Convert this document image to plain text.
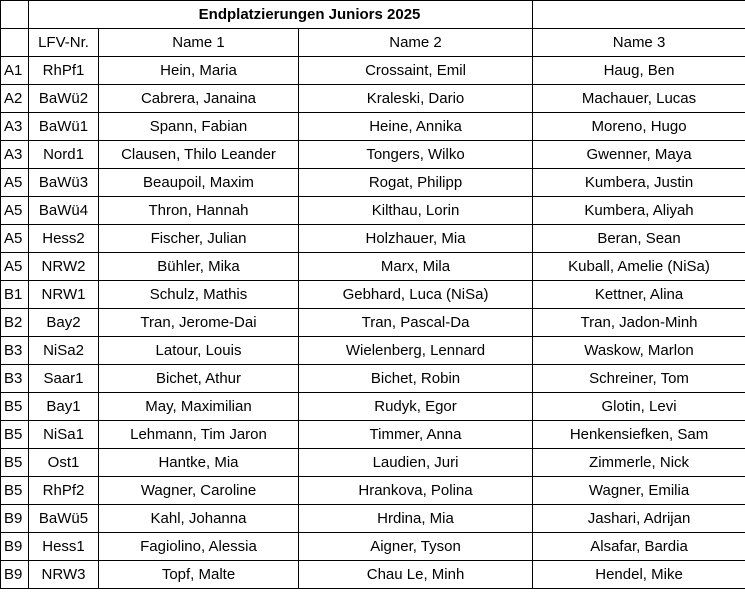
	Endplatzierungen Juniors 2025			
	LFV-Nr.	Name 1	Name 2	Name 3
A1	RhPf1	Hein, Maria	Crossaint, Emil	Haug, Ben
A2	BaWü2	Cabrera, Janaina	Kraleski, Dario	Machauer, Lucas
A3	BaWü1	Spann, Fabian	Heine, Annika	Moreno, Hugo
A3	Nord1	Clausen, Thilo Leander	Tongers, Wilko	Gwenner, Maya
A5	BaWü3	Beaupoil, Maxim	Rogat, Philipp	Kumbera, Justin
A5	BaWü4	Thron, Hannah	Kilthau, Lorin	Kumbera, Aliyah
A5	Hess2	Fischer, Julian	Holzhauer, Mia	Beran, Sean
A5	NRW2	Bühler, Mika	Marx, Mila	Kuball, Amelie (NiSa)
B1	NRW1	Schulz, Mathis	Gebhard, Luca (NiSa)	Kettner, Alina
B2	Bay2	Tran, Jerome-Dai	Tran, Pascal-Da	Tran, Jadon-Minh
B3	NiSa2	Latour, Louis	Wielenberg, Lennard	Waskow, Marlon
B3	Saar1	Bichet, Athur	Bichet, Robin	Schreiner, Tom
B5	Bay1	May, Maximilian	Rudyk, Egor	Glotin, Levi
B5	NiSa1	Lehmann, Tim Jaron	Timmer, Anna	Henkensiefken, Sam
B5	Ost1	Hantke, Mia	Laudien, Juri	Zimmerle, Nick
B5	RhPf2	Wagner, Caroline	Hrankova, Polina	Wagner, Emilia
B9	BaWü5	Kahl, Johanna	Hrdina, Mia	Jashari, Adrijan
B9	Hess1	Fagiolino, Alessia	Aigner, Tyson	Alsafar, Bardia
B9	NRW3	Topf, Malte	Chau Le, Minh	Hendel, Mike
